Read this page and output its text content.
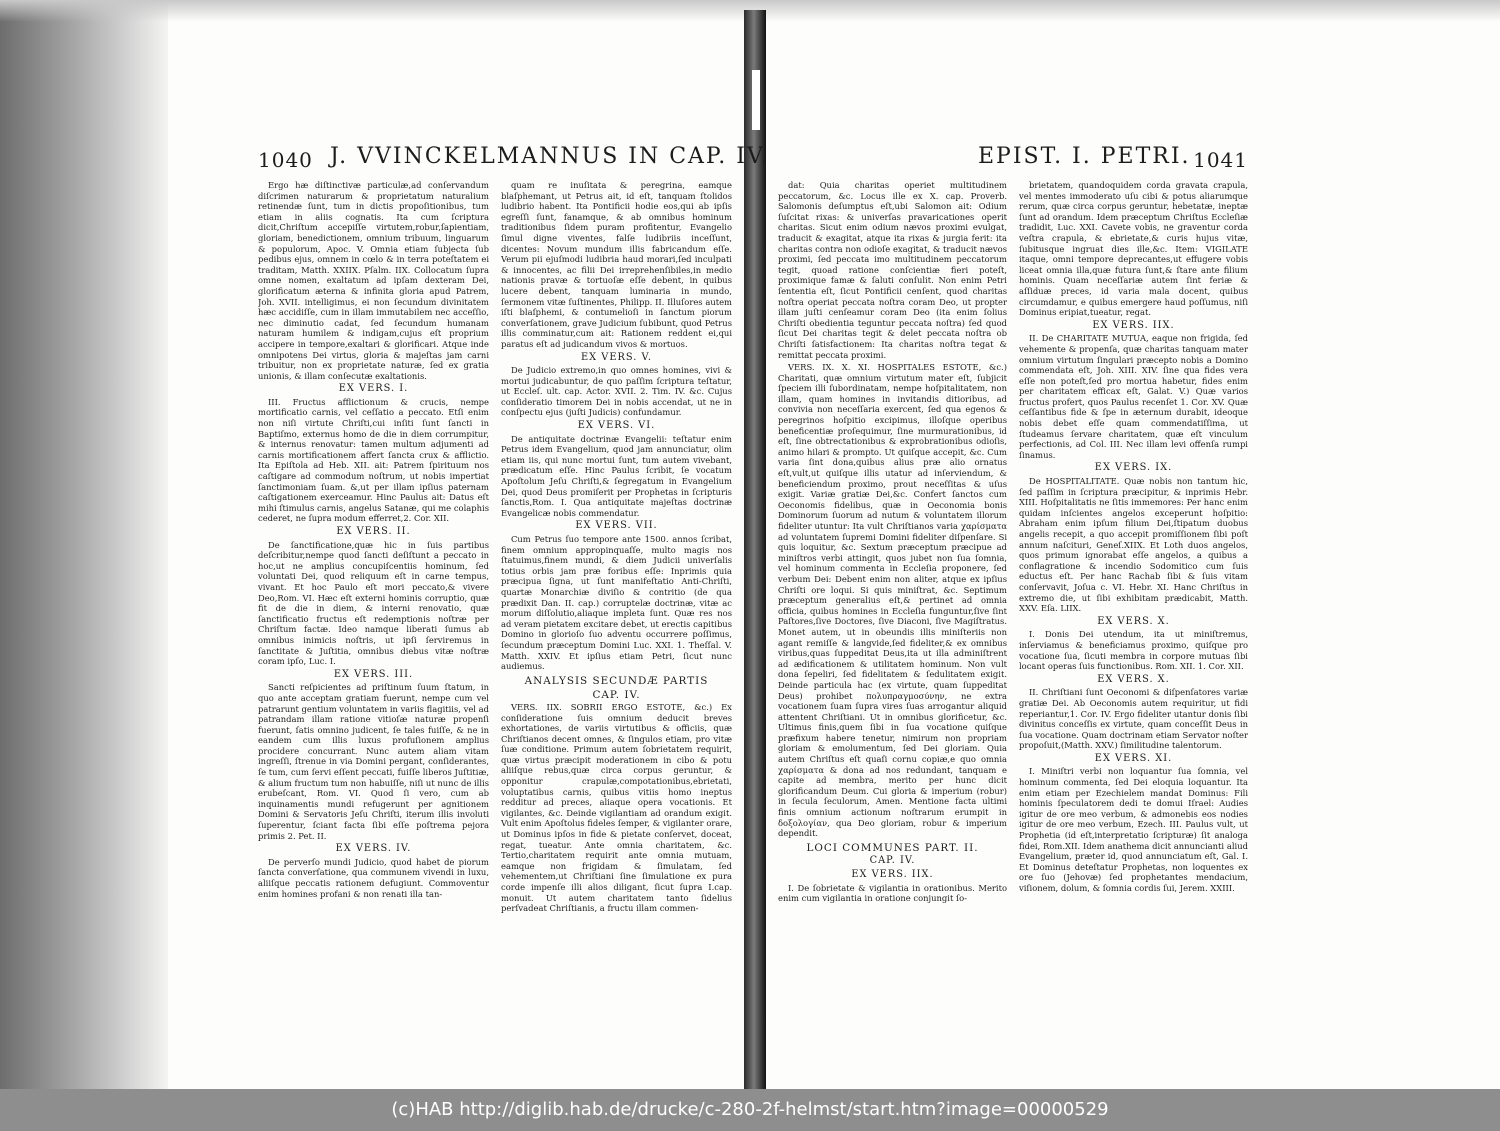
1040 J. VVINCKELMANNUS IN CAP. IV.

Ergo hæ diſtinctivæ particulæ,ad conſervandum diſcrimen naturarum & proprietatum naturalium retinendæ ſunt, tum in dictis propoſitionibus, tum etiam in aliis cognatis. Ita cum ſcriptura dicit,Chriſtum accepiſſe virtutem,robur,ſapientiam, gloriam, benedictionem, omnium tribuum, linguarum & populorum, Apoc. V. Omnia etiam ſubjecta ſub pedibus ejus, omnem in cœlo & in terra poteſtatem ei traditam, Matth. XXIIX. Pſalm. IIX. Collocatum ſupra omne nomen, exaltatum ad ipſam dexteram Dei, glorificatum æterna & infinita gloria apud Patrem, Joh. XVII. intelligimus, ei non ſecundum divinitatem hæc accidiſſe, cum in illam immutabilem nec acceſſio, nec diminutio cadat, ſed ſecundum humanam naturam humilem & indigam,cujus eſt proprium accipere in tempore,exaltari & glorificari. Atque inde omnipotens Dei virtus, gloria & majeſtas jam carni tribuitur, non ex proprietate naturæ, ſed ex gratia unionis, & illam conſecutæ exaltationis.

EX VERS. I.

III. Fructus afflictionum & crucis, nempe mortificatio carnis, vel ceſſatio a peccato. Etſi enim non niſi virtute Chriſti,cui inſiti ſunt ſancti in Baptiſmo, externus homo de die in diem corrumpitur, & internus renovatur: tamen multum adjumenti ad carnis mortificationem affert ſancta crux & afflictio. Ita Epiſtola ad Heb. XII. ait: Patrem ſpirituum nos caſtigare ad commodum noſtrum, ut nobis impertiat ſanctimoniam ſuam. &,ut per illam ipſius paternam caſtigationem exerceamur. Hinc Paulus ait: Datus eſt mihi ſtimulus carnis, angelus Satanæ, qui me colaphis cederet, ne ſupra modum efferret,2. Cor. XII.

EX VERS. II.

De ſanctificatione,quæ hic in ſuis partibus deſcribitur,nempe quod ſancti deſiſtunt a peccato in hoc,ut ne amplius concupiſcentiis hominum, ſed voluntati Dei, quod reliquum eſt in carne tempus, vivant. Et hoc Paulo eſt mori peccato,& vivere Deo,Rom. VI. Hæc eſt externi hominis corruptio, quæ fit de die in diem, & interni renovatio, quæ ſanctificatio fructus eſt redemptionis noſtræ per Chriſtum factæ. Ideo namque liberati ſumus ab omnibus inimicis noſtris, ut ipſi ſerviremus in ſanctitate & Juſtitia, omnibus diebus vitæ noſtræ coram ipſo, Luc. I.

EX VERS. III.

Sancti reſpicientes ad priſtinum ſuum ſtatum, in quo ante acceptam gratiam fuerunt, nempe cum vel patrarunt gentium voluntatem in variis flagitiis, vel ad patrandam illam ratione vitioſæ naturæ propenſi fuerunt, ſatis omnino judicent, ſe tales fuiſſe, & ne in eandem cum illis luxus profuſionem amplius procidere concurrant. Nunc autem aliam vitam ingreſſi, ſtrenue in via Domini pergant, conſiderantes, ſe tum, cum ſervi eſſent peccati, fuiſſe liberos Juſtitiæ, & alium fructum tum non habuiſſe, niſi ut nunc de illis erubeſcant, Rom. VI. Quod ſi vero, cum ab inquinamentis mundi refugerunt per agnitionem Domini & Servatoris Jeſu Chriſti, iterum illis involuti ſuperentur, ſciant facta ſibi eſſe poſtrema pejora primis 2. Pet. II.

EX VERS. IV.

De perverſo mundi Judicio, quod habet de piorum ſancta converſatione, qua communem vivendi in luxu, aliiſque peccatis rationem defugiunt. Commoventur enim homines profani & non renati illa tan-

quam re inuſitata & peregrina, eamque blaſphemant, ut Petrus ait, id eſt, tanquam ſtolidos ludibrio habent. Ita Pontificii hodie eos,qui ab ipſis egreſſi ſunt, fanamque, & ab omnibus hominum traditionibus ſidem puram profitentur, Evangelio ſimul digne viventes, falſe ludibriis inceſſunt, dicentes: Novum mundum illis fabricandum eſſe. Verum pii ejuſmodi ludibria haud morari,ſed inculpati & innocentes, ac filii Dei irreprehenſibiles,in medio nationis pravæ & tortuoſæ eſſe debent, in quibus lucere debent, tanquam luminaria in mundo, ſermonem vitæ ſuſtinentes, Philipp. II. Illuſores autem iſti blaſphemi, & contumelioſi in ſanctum piorum converſationem, grave Judicium ſubibunt, quod Petrus illis comminatur,cum ait: Rationem reddent ei,qui paratus eſt ad judicandum vivos & mortuos.

EX VERS. V.

De Judicio extremo,in quo omnes homines, vivi & mortui judicabuntur, de quo paſſim ſcriptura teſtatur, ut Eccleſ. ult. cap. Actor. XVII. 2. Tim. IV. &c. Cujus conſideratio timorem Dei in nobis accendat, ut ne in conſpectu ejus (juſti Judicis) confundamur.

EX VERS. VI.

De antiquitate doctrinæ Evangelii: teſtatur enim Petrus idem Evangelium, quod jam annunciatur, olim etiam iis, qui nunc mortui ſunt, tum autem vivebant, prædicatum eſſe. Hinc Paulus ſcribit, ſe vocatum Apoſtolum Jeſu Chriſti,& ſegregatum in Evangelium Dei, quod Deus promiſerit per Prophetas in ſcripturis ſanctis,Rom. I. Qua antiquitate majeſtas doctrinæ Evangelicæ nobis commendatur.

EX VERS. VII.

Cum Petrus ſuo tempore ante 1500. annos ſcribat, finem omnium appropinquaſſe, multo magis nos ſtatuimus,finem mundi, & diem Judicii univerſalis totius orbis jam præ foribus eſſe: Inprimis quia præcipua ſigna, ut ſunt manifeſtatio Anti-Chriſti, quartæ Monarchiæ diviſio & contritio (de qua prædixit Dan. II. cap.) corruptelæ doctrinæ, vitæ ac morum diſſolutio,aliaque impleta ſunt. Quæ res nos ad veram pietatem excitare debet, ut erectis capitibus Domino in glorioſo ſuo adventu occurrere poſſimus, ſecundum præceptum Domini Luc. XXI. 1. Theſſal. V. Matth. XXIV. Et ipſius etiam Petri, ſicut nunc audiemus.

ANALYSIS SECUNDÆ PARTIS
CAP. IV.

VERS. IIX. SOBRII ERGO ESTOTE, &c.) Ex conſideratione ſuis omnium deducit breves exhortationes, de variis virtutibus & officiis, quæ Chriſtianos decent omnes, & ſingulos etiam, pro vitæ ſuæ conditione. Primum autem ſobrietatem requirit, quæ virtus præcipit moderationem in cibo & potu aliiſque rebus,quæ circa corpus geruntur, & opponitur crapulæ,compotationibus,ebrietati, voluptatibus carnis, quibus vitiis homo ineptus redditur ad preces, aliaque opera vocationis. Et vigilantes, &c. Deinde vigilantiam ad orandum exigit. Vult enim Apoſtolus fideles ſemper, & vigilanter orare, ut Dominus ipſos in fide & pietate conſervet, doceat, regat, tueatur. Ante omnia charitatem, &c. Tertio,charitatem requirit ante omnia mutuam, eamque non frigidam & ſimulatam, ſed vehementem,ut Chriſtiani ſine ſimulatione ex pura corde impenſe illi alios diligant, ſicut ſupra I.cap. monuit. Ut autem charitatem tanto ſidelius perſvadeat Chriſtianis, a fructu illam commen-

EPIST. I. PETRI. 1041

dat: Quia charitas operiet multitudinem peccatorum, &c. Locus ille ex X. cap. Proverb. Salomonis deſumptus eſt,ubi Salomon ait: Odium ſuſcitat rixas: & univerſas pravaricationes operit charitas. Sicut enim odium nævos proximi evulgat, traducit & exagitat, atque ita rixas & jurgia ferit: ita charitas contra non odioſe exagitat, & traducit nævos proximi, ſed peccata imo multitudinem peccatorum tegit, quoad ratione conſcientiæ fieri poteſt, proximique famæ & ſaluti conſulit. Non enim Petri ſententia eſt, ſicut Pontificii cenſent, quod charitas noſtra operiat peccata noſtra coram Deo, ut propter illam juſti cenſeamur coram Deo (ita enim ſolius Chriſti obedientia teguntur peccata noſtra) ſed quod ſicut Dei charitas tegit & delet peccata noſtra ob Chriſti ſatisfactionem: Ita charitas noſtra tegat & remittat peccata proximi.

VERS. IX. X. XI. HOSPITALES ESTOTE, &c.) Charitati, quæ omnium virtutum mater eſt, ſubjicit ſpeciem illi ſubordinatam, nempe hoſpitalitatem, non illam, quam homines in invitandis ditioribus, ad convivia non neceſſaria exercent, ſed qua egenos & peregrinos hoſpitio excipimus, illoſque operibus beneficentiæ proſequimur, ſine murmurationibus, id eſt, ſine obtrectationibus & exprobrationibus odioſis, animo hilari & prompto. Ut quiſque accepit, &c. Cum varia ſint dona,quibus alius præ alio ornatus eſt,vult,ut quiſque illis utatur ad inſerviendum, & beneficiendum proximo, prout neceſſitas & uſus exigit. Variæ gratiæ Dei,&c. Confert ſanctos cum Oeconomis fidelibus, quæ in Oeconomia bonis Dominorum ſuorum ad nutum & voluntatem illorum fideliter utuntur: Ita vult Chriſtianos varia χαρίσματα ad voluntatem ſupremi Domini fideliter diſpenſare. Si quis loquitur, &c. Sextum præceptum præcipue ad miniſtros verbi attingit, quos jubet non ſua ſomnia, vel hominum commenta in Eccleſia proponere, ſed verbum Dei: Debent enim non aliter, atque ex ipſius Chriſti ore loqui. Si quis miniſtrat, &c. Septimum præceptum generalius eſt,& pertinet ad omnia officia, quibus homines in Eccleſia funguntur,ſive ſint Paſtores,ſive Doctores, ſive Diaconi, ſive Magiſtratus. Monet autem, ut in obeundis illis miniſteriis non agant remiſſe & langvide,ſed fideliter,& ex omnibus viribus,quas ſuppeditat Deus,ita ut illa adminiſtrent ad ædificationem & utilitatem hominum. Non vult dona ſepeliri, ſed fidelitatem & ſedulitatem exigit. Deinde particula hac (ex virtute, quam ſuppeditat Deus) prohibet πολυπραγμοσύνην, ne extra vocationem ſuam ſupra vires ſuas arrogantur aliquid attentent Chriſtiani. Ut in omnibus glorificetur, &c. Ultimus finis,quem ſibi in ſua vocatione quiſque præfixum habere tenetur, nimirum non propriam gloriam & emolumentum, ſed Dei gloriam. Quia autem Chriſtus eſt quaſi cornu copiæ,e quo omnia χαρίσματα & dona ad nos redundant, tanquam e capite ad membra, merito per hunc dicit glorificandum Deum. Cui gloria & imperium (robur) in ſecula ſeculorum, Amen. Mentione facta ultimi finis omnium actionum noſtrarum erumpit in δοξολογίαν, qua Deo gloriam, robur & imperium dependit.

LOCI COMMUNES PART. II.
CAP. IV.
EX VERS. IIX.

I. De ſobrietate & vigilantia in orationibus. Merito enim cum vigilantia in oratione conjungit ſo-

brietatem, quandoquidem corda gravata crapula, vel mentes immoderato uſu cibi & potus aliarumque rerum, quæ circa corpus geruntur, hebetatæ, ineptæ ſunt ad orandum. Idem præceptum Chriſtus Eccleſiæ tradidit, Luc. XXI. Cavete vobis, ne graventur corda veſtra crapula, & ebrietate,& curis hujus vitæ, ſubitusque ingruat dies ille,&c. Item: VIGILATE itaque, omni tempore deprecantes,ut effugere vobis liceat omnia illa,quæ futura ſunt,& ſtare ante filium hominis. Quam neceſſariæ autem ſint feriæ & aſſiduæ preces, id varia mala docent, quibus circumdamur, e quibus emergere haud poſſumus, niſi Dominus eripiat,tueatur, regat.

EX VERS. IIX.

II. De CHARITATE MUTUA, eaque non frigida, ſed vehemente & propenſa, quæ charitas tanquam mater omnium virtutum ſingulari præcepto nobis a Domino commendata eſt, Joh. XIII. XIV. ſine qua fides vera eſſe non poteſt,ſed pro mortua habetur, fides enim per charitatem efficax eſt, Galat. V.) Quæ varios fructus profert, quos Paulus recenſet 1. Cor. XV. Quæ ceſſantibus fide & ſpe in æternum durabit, ideoque nobis debet eſſe quam commendatiſſima, ut ſtudeamus ſervare charitatem, quæ eſt vinculum perfectionis, ad Col. III. Nec illam levi offenſa rumpi ſinamus.

EX VERS. IX.

De HOSPITALITATE. Quæ nobis non tantum hic, ſed paſſim in ſcriptura præcipitur, & inprimis Hebr. XIII. Hoſpitalitatis ne ſitis immemores: Per hanc enim quidam inſcientes angelos exceperunt hoſpitio: Abraham enim ipſum filium Dei,ſtipatum duobus angelis recepit, a quo accepit promiſſionem ſibi poſt annum naſcituri, Geneſ.XIIX. Et Loth duos angelos, quos primum ignorabat eſſe angelos, a quibus a conflagratione & incendio Sodomitico cum ſuis eductus eſt. Per hanc Rachab ſibi & ſuis vitam conſervavit, Joſua c. VI. Hebr. XI. Hanc Chriſtus in extremo die, ut ſibi exhibitam prædicabit, Matth. XXV. Eſa. LIIX.

EX VERS. X.

I. Donis Dei utendum, ita ut miniſtremus, inſerviamus & beneficiamus proximo, quiſque pro vocatione ſua, ſicuti membra in corpore mutuas ſibi locant operas ſuis functionibus. Rom. XII. 1. Cor. XII.

EX VERS. X.

II. Chriſtiani ſunt Oeconomi & diſpenſatores variæ gratiæ Dei. Ab Oeconomis autem requiritur, ut fidi reperiantur,1. Cor. IV. Ergo fideliter utantur donis ſibi divinitus conceſſis ex virtute, quam conceſſit Deus in ſua vocatione. Quam doctrinam etiam Servator noſter propoſuit,(Matth. XXV.) ſimilitudine talentorum.

EX VERS. XI.

I. Miniſtri verbi non loquantur ſua ſomnia, vel hominum commenta, ſed Dei eloquia loquantur. Ita enim etiam per Ezechielem mandat Dominus: Fili hominis ſpeculatorem dedi te domui Iſrael: Audies igitur de ore meo verbum, & admonebis eos nodies igitur de ore meo verbum, Ezech. III. Paulus vult, ut Prophetia (id eſt,interpretatio ſcripturæ) ſit analoga fidei, Rom.XII. Idem anathema dicit annuncianti aliud Evangelium, præter id, quod annunciatum eſt, Gal. I. Et Dominus deteſtatur Prophetas, non loquentes ex ore ſuo (Jehovæ) ſed prophetantes mendacium, viſionem, dolum, & ſomnia cordis ſui, Jerem. XXIII.

(c)HAB http://diglib.hab.de/drucke/c-280-2f-helmst/start.htm?image=00000529
